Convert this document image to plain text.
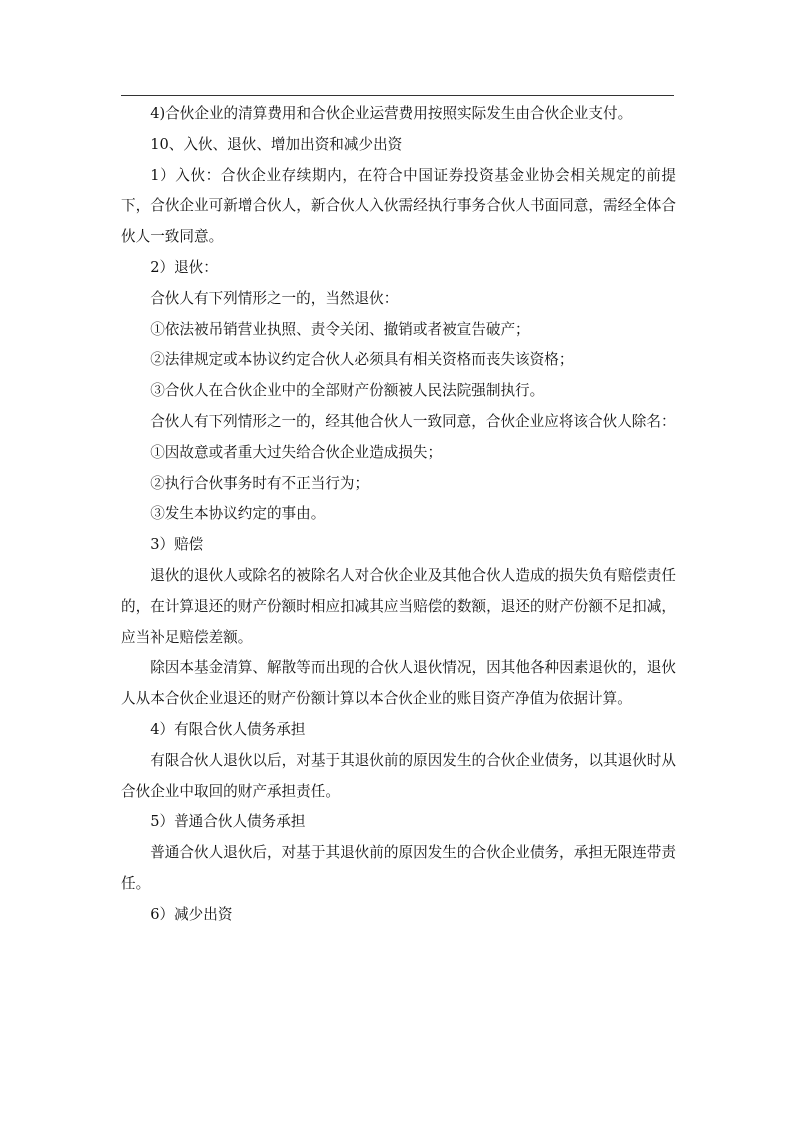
4)合伙企业的清算费用和合伙企业运营费用按照实际发生由合伙企业支付。

10、入伙、退伙、增加出资和减少出资

1）入伙：合伙企业存续期内，在符合中国证券投资基金业协会相关规定的前提下，合伙企业可新增合伙人，新合伙人入伙需经执行事务合伙人书面同意，需经全体合伙人一致同意。

2）退伙：

合伙人有下列情形之一的，当然退伙：

①依法被吊销营业执照、责令关闭、撤销或者被宣告破产；

②法律规定或本协议约定合伙人必须具有相关资格而丧失该资格；

③合伙人在合伙企业中的全部财产份额被人民法院强制执行。

合伙人有下列情形之一的，经其他合伙人一致同意，合伙企业应将该合伙人除名：

①因故意或者重大过失给合伙企业造成损失；

②执行合伙事务时有不正当行为；

③发生本协议约定的事由。

3）赔偿

退伙的退伙人或除名的被除名人对合伙企业及其他合伙人造成的损失负有赔偿责任的，在计算退还的财产份额时相应扣减其应当赔偿的数额，退还的财产份额不足扣减，应当补足赔偿差额。

除因本基金清算、解散等而出现的合伙人退伙情况，因其他各种因素退伙的，退伙人从本合伙企业退还的财产份额计算以本合伙企业的账目资产净值为依据计算。

4）有限合伙人债务承担

有限合伙人退伙以后，对基于其退伙前的原因发生的合伙企业债务，以其退伙时从合伙企业中取回的财产承担责任。

5）普通合伙人债务承担

普通合伙人退伙后，对基于其退伙前的原因发生的合伙企业债务，承担无限连带责任。

6）减少出资
